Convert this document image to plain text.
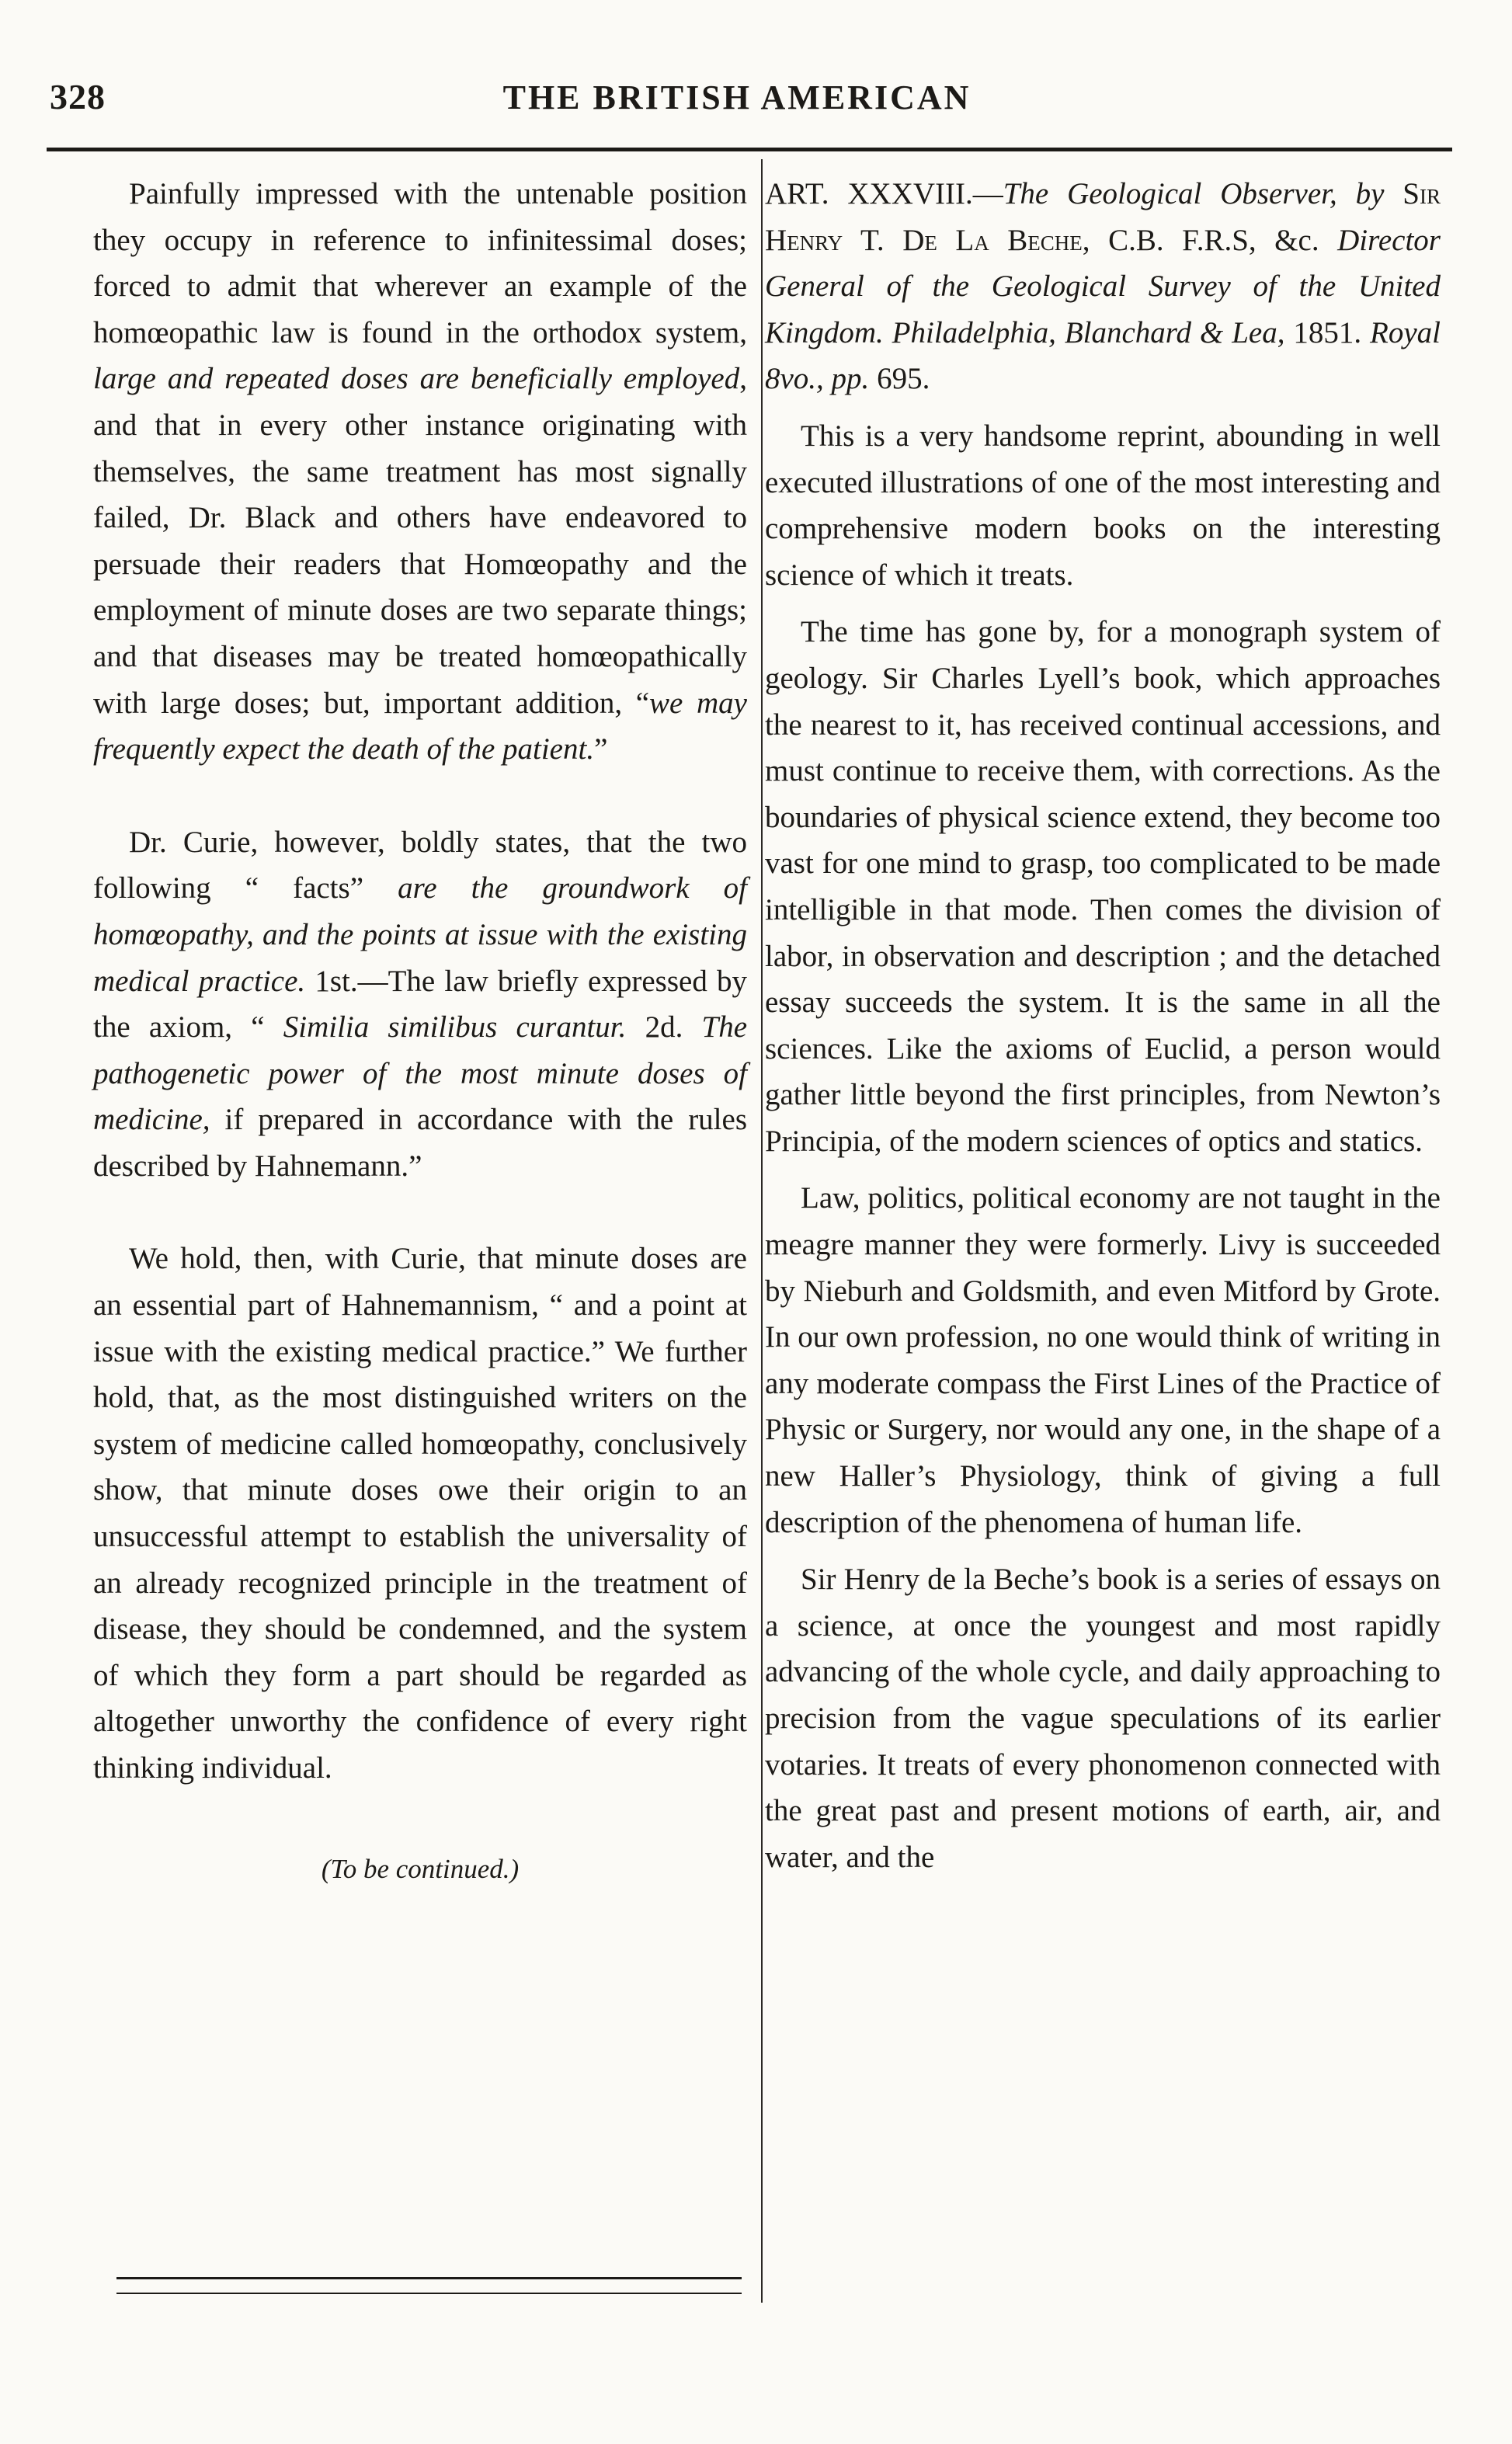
328	THE BRITISH AMERICAN

Painfully impressed with the untenable position they occupy in reference to infinitessimal doses; forced to admit that wherever an example of the homœopathic law is found in the orthodox system, large and repeated doses are beneficially employed, and that in every other instance originating with themselves, the same treatment has most signally failed, Dr. Black and others have endeavored to persuade their readers that Homœopathy and the employment of minute doses are two separate things; and that diseases may be treated homœopathically with large doses; but, important addition, “we may frequently expect the death of the patient.”

Dr. Curie, however, boldly states, that the two following “ facts” are the groundwork of homœopathy, and the points at issue with the existing medical practice. 1st.—The law briefly expressed by the axiom, “ Similia similibus curantur. 2d. The pathogenetic power of the most minute doses of medicine, if prepared in accordance with the rules described by Hahnemann.”

We hold, then, with Curie, that minute doses are an essential part of Hahnemannism, “ and a point at issue with the existing medical practice.” We further hold, that, as the most distinguished writers on the system of medicine called homœopathy, conclusively show, that minute doses owe their origin to an unsuccessful attempt to establish the universality of an already recognized principle in the treatment of disease, they should be condemned, and the system of which they form a part should be regarded as altogether unworthy the confidence of every right thinking individual.

(To be continued.)

ART. XXXVIII.—The Geological Observer, by Sir Henry T. De La Beche, C.B. F.R.S, &c. Director General of the Geological Survey of the United Kingdom. Philadelphia, Blanchard & Lea, 1851. Royal 8vo., pp. 695.

This is a very handsome reprint, abounding in well executed illustrations of one of the most interesting and comprehensive modern books on the interesting science of which it treats.

The time has gone by, for a monograph system of geology. Sir Charles Lyell’s book, which approaches the nearest to it, has received continual accessions, and must continue to receive them, with corrections. As the boundaries of physical science extend, they become too vast for one mind to grasp, too complicated to be made intelligible in that mode. Then comes the division of labor, in observation and description ; and the detached essay succeeds the system. It is the same in all the sciences. Like the axioms of Euclid, a person would gather little beyond the first principles, from Newton’s Principia, of the modern sciences of optics and statics.

Law, politics, political economy are not taught in the meagre manner they were formerly. Livy is succeeded by Nieburh and Goldsmith, and even Mitford by Grote. In our own profession, no one would think of writing in any moderate compass the First Lines of the Practice of Physic or Surgery, nor would any one, in the shape of a new Haller’s Physiology, think of giving a full description of the phenomena of human life.

Sir Henry de la Beche’s book is a series of essays on a science, at once the youngest and most rapidly advancing of the whole cycle, and daily approaching to precision from the vague speculations of its earlier votaries. It treats of every phonomenon connected with the great past and present motions of earth, air, and water, and the
